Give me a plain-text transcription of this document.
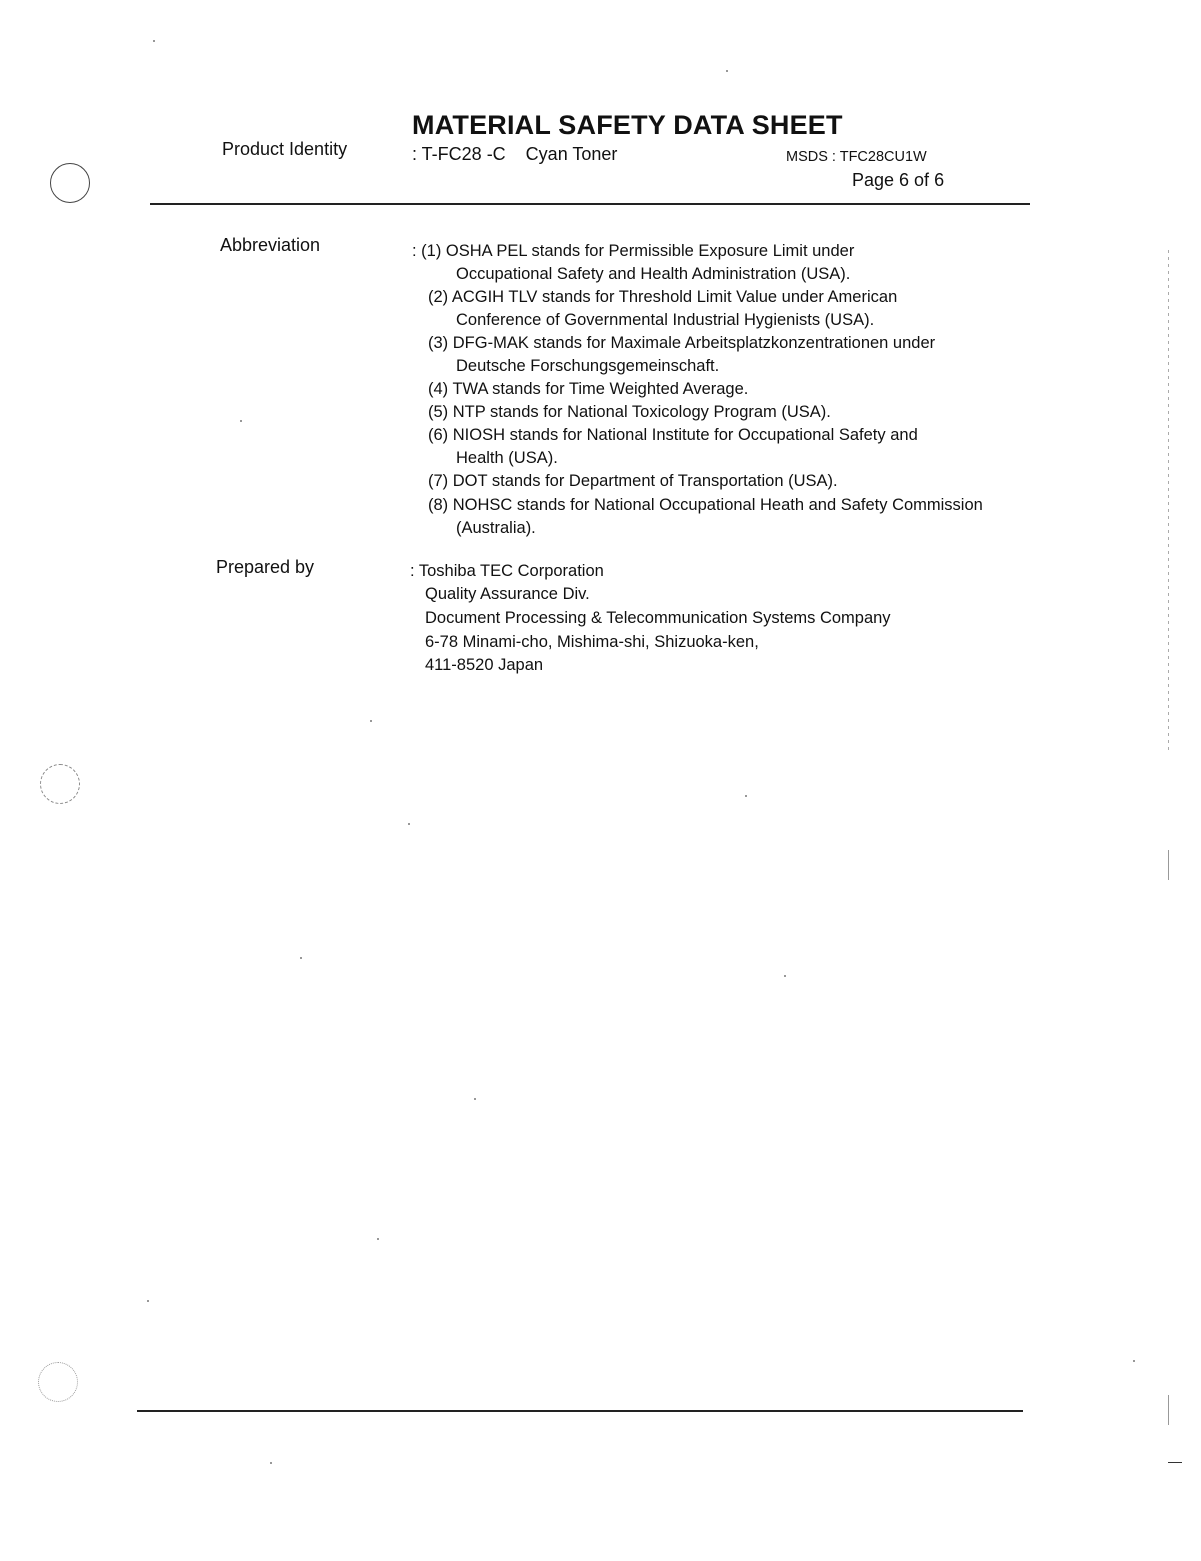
MATERIAL SAFETY DATA SHEET
Product Identity	: T-FC28 -C    Cyan Toner	MSDS : TFC28CU1W
Page 6 of 6
Abbreviation	: (1) OSHA PEL stands for Permissible Exposure Limit under
Occupational Safety and Health Administration (USA).
(2) ACGIH TLV stands for Threshold Limit Value under American
Conference of Governmental Industrial Hygienists (USA).
(3) DFG-MAK stands for Maximale Arbeitsplatzkonzentrationen under
Deutsche Forschungsgemeinschaft.
(4) TWA stands for Time Weighted Average.
(5) NTP stands for National Toxicology Program (USA).
(6) NIOSH stands for National Institute for Occupational Safety and
Health (USA).
(7) DOT stands for Department of Transportation (USA).
(8) NOHSC stands for National Occupational Heath and Safety Commission
(Australia).
Prepared by	: Toshiba TEC Corporation
Quality Assurance Div.
Document Processing & Telecommunication Systems Company
6-78 Minami-cho, Mishima-shi, Shizuoka-ken,
411-8520 Japan
